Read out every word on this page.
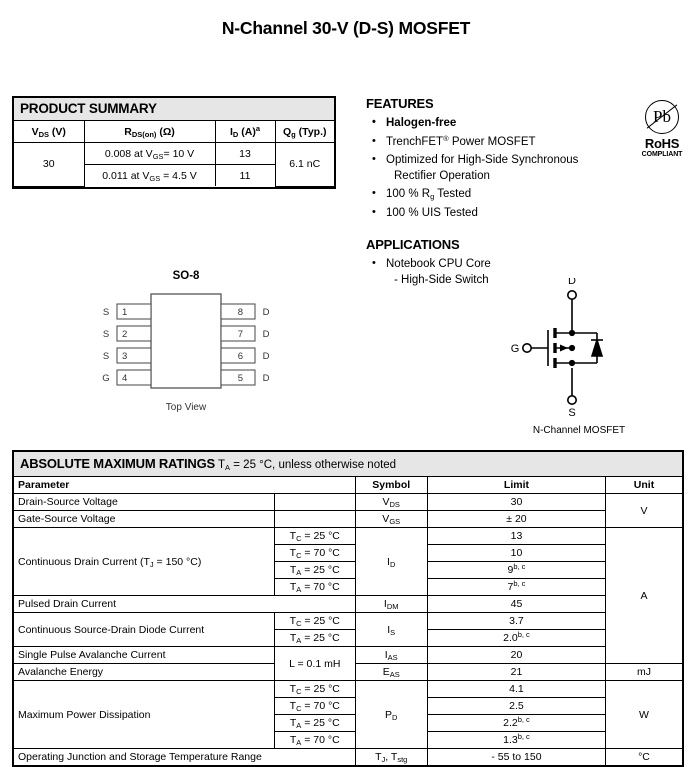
N-Channel 30-V (D-S) MOSFET
PRODUCT SUMMARY
$V_{DS}$ (V)	$R_{DS(on)}$ (Ω)	$I_D$ $(A)^a$	$Q_g$ (Typ.)
30	0.008 at $V_{GS}= 10$ V	13	6.1 nC
	0.011 at $V_{GS} = 4.5$ V	11	
FEATURES
• Halogen-free
• TrenchFET® Power MOSFET
• Optimized for High-Side Synchronous
Rectifier Operation
• 100 % $R_g$ Tested
• 100 % UIS Tested
APPLICATIONS
• Notebook CPU Core
- High-Side Switch
Pb
RoHS
COMPLIANT
SO-8
1
S
2
S
3
S
4
G
8 D
7 D
6 D
5 D
Top View
D
G
S
N-Channel MOSFET
ABSOLUTE MAXIMUM RATINGS $T_A = 25$ °C, unless otherwise noted
Parameter		Symbol	Limit	Unit
Drain-Source Voltage		$V_{DS}$	30	V
Gate-Source Voltage		$V_{GS}$	± 20	
Continuous Drain Current ($T_J = 150$ °C)	$T_C = 25$ °C	$I_D$	13	A
	$T_C = 70$ °C		10	
	$T_A = 25$ °C		9$^{b, c}$
	$T_A = 70$ °C		7$^{b, c}$
Pulsed Drain Current		$I_{DM}$	45	
Continuous Source-Drain Diode Current	$T_C = 25$ °C	$I_S$	3.7	
	$T_A = 25$ °C		2.0$^{b, c}$
Single Pulse Avalanche Current	L = 0.1 mH	$I_{AS}$	20	
Avalanche Energy		$E_{AS}$	21	mJ
Maximum Power Dissipation	$T_C = 25$ °C	$P_D$	4.1	W
	$T_C = 70$ °C		2.5	
	$T_A = 25$ °C		2.2$^{b, c}$
	$T_A = 70$ °C		1.3$^{b, c}$
Operating Junction and Storage Temperature Range		$T_J$, $T_{stg}$	- 55 to 150	°C
